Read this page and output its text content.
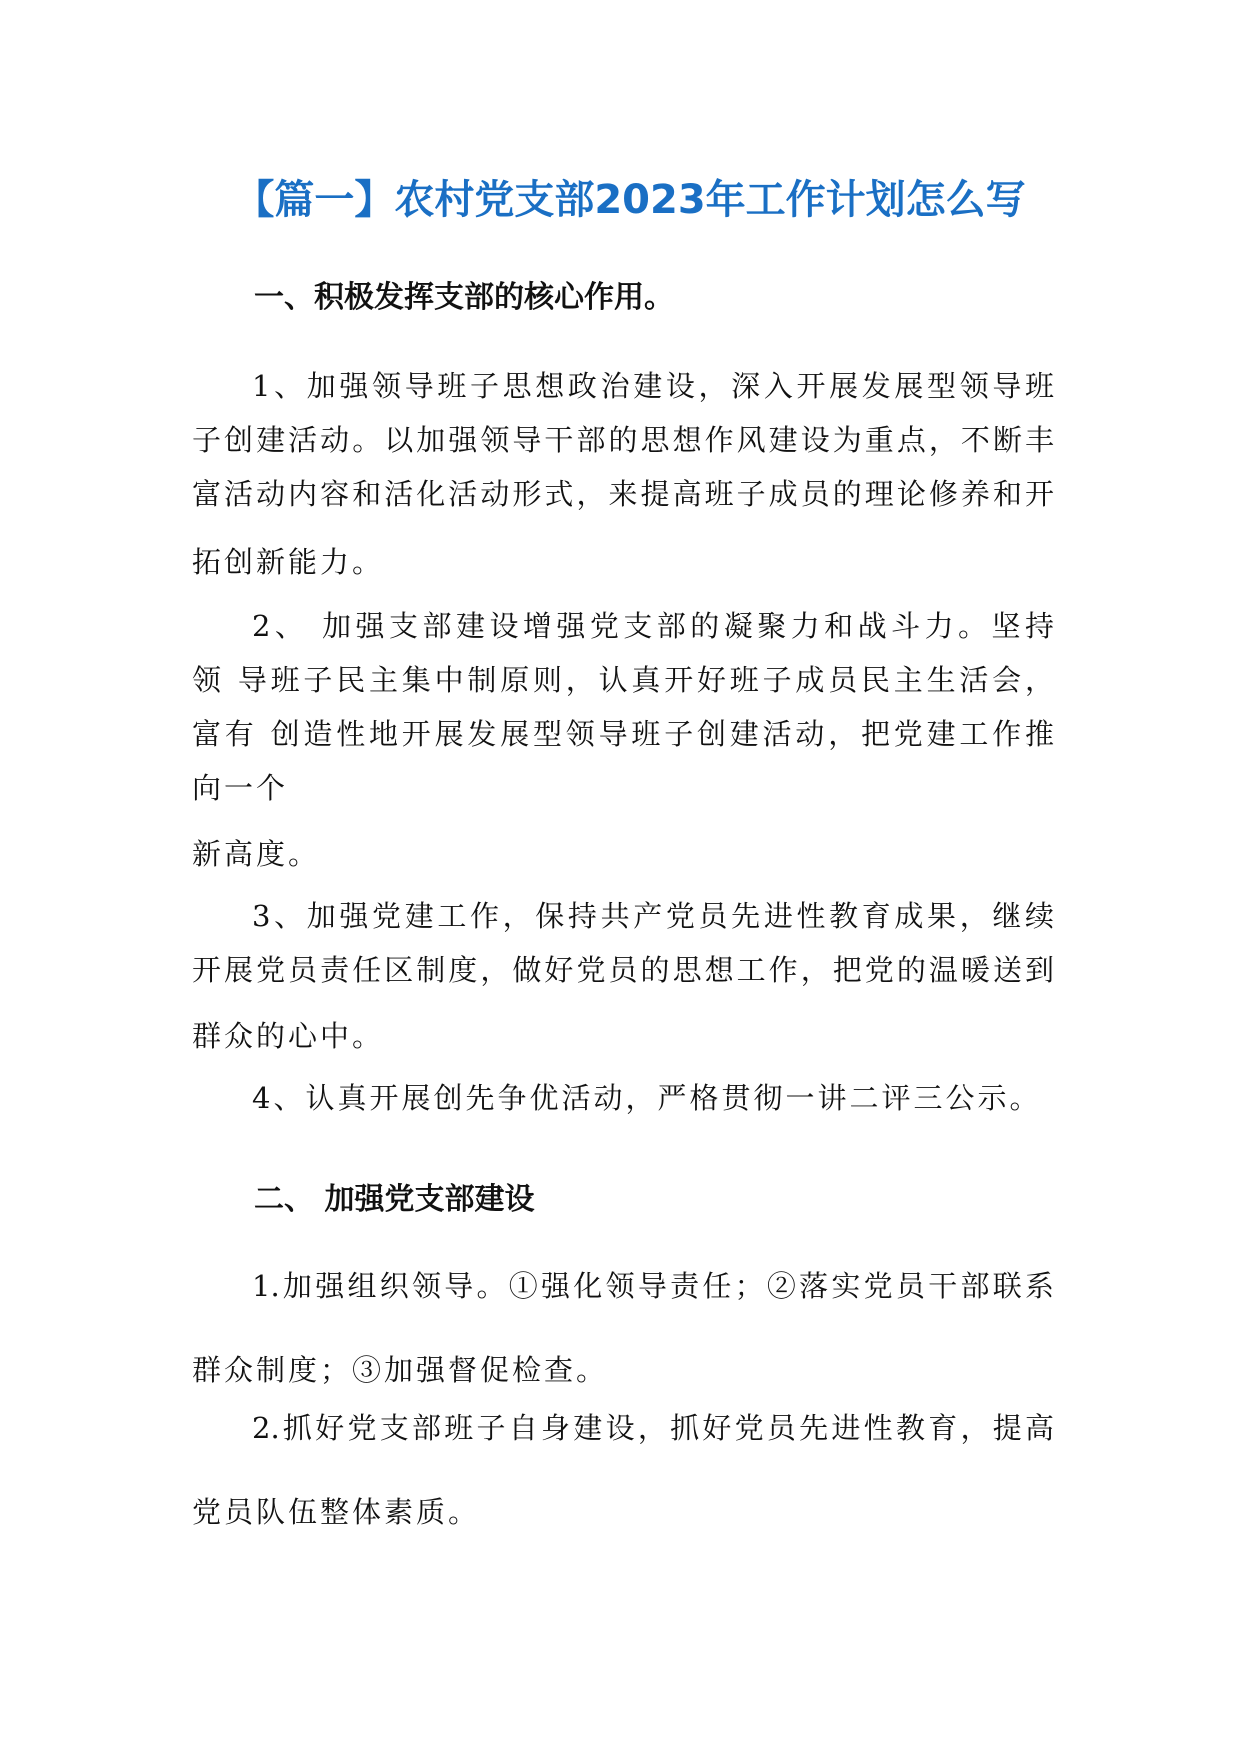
【篇一】农村党支部2023年工作计划怎么写
一、积极发挥支部的核心作用。
1、加强领导班子思想政治建设，深入开展发展型领导班
子创建活动。以加强领导干部的思想作风建设为重点，不断丰
富活动内容和活化活动形式，来提高班子成员的理论修养和开
拓创新能力。
2、 加强支部建设增强党支部的凝聚力和战斗力。坚持
领 导班子民主集中制原则，认真开好班子成员民主生活会，
富有 创造性地开展发展型领导班子创建活动，把党建工作推
向一个
新高度。
3、加强党建工作，保持共产党员先进性教育成果，继续
开展党员责任区制度，做好党员的思想工作，把党的温暖送到
群众的心中。
4、认真开展创先争优活动，严格贯彻一讲二评三公示。
二、 加强党支部建设
1.加强组织领导。①强化领导责任；②落实党员干部联系
群众制度；③加强督促检查。
2.抓好党支部班子自身建设，抓好党员先进性教育，提高
党员队伍整体素质。
